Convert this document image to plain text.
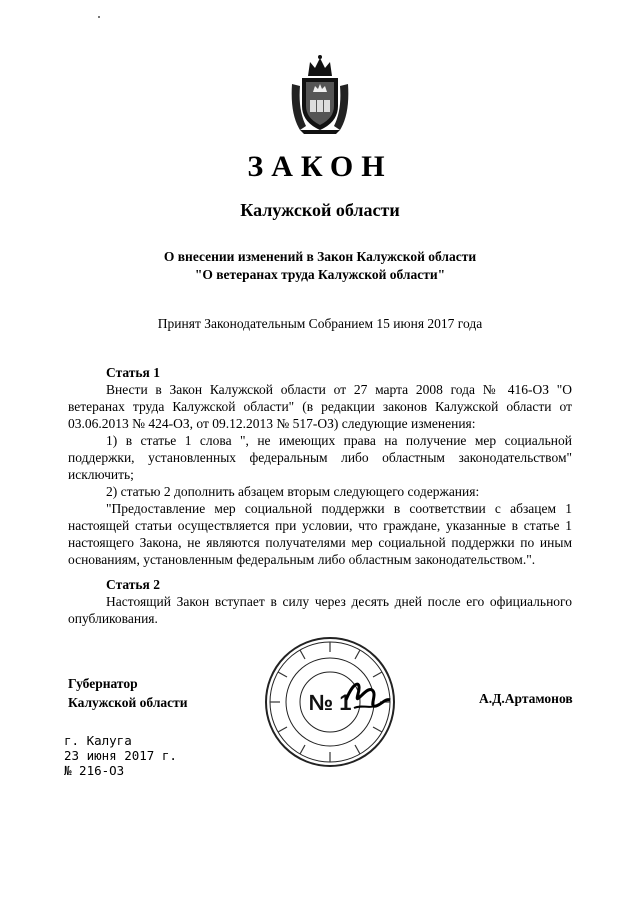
ЗАКОН
Калужской области
О внесении изменений в Закон Калужской области
"О ветеранах труда Калужской области"
Принят Законодательным Собранием 15 июня 2017 года

Статья 1

Внести в Закон Калужской области от 27 марта 2008 года № 416-ОЗ "О ветеранах труда Калужской области" (в редакции законов Калужской области от 03.06.2013 № 424-ОЗ, от 09.12.2013 № 517-ОЗ) следующие изменения:

1) в статье 1 слова ", не имеющих права на получение мер социальной поддержки, установленных федеральным либо областным законодательством" исключить;

2) статью 2 дополнить абзацем вторым следующего содержания:

"Предоставление мер социальной поддержки в соответствии с абзацем 1 настоящей статьи осуществляется при условии, что граждане, указанные в статье 1 настоящего Закона, не являются получателями мер социальной поддержки по иным основаниям, установленным федеральным либо областным законодательством.".

Статья 2

Настоящий Закон вступает в силу через десять дней после его официального опубликования.

Губернатор
Калужской области	№ 1	А.Д.Артамонов
г. Калуга
23 июня 2017 г.
№ 216-ОЗ
